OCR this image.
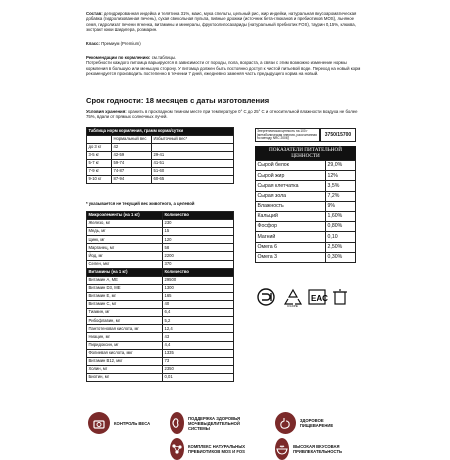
Состав: дегидрированная индейка и телятина 31%, маис, мука спельты, цельный рис, жир индейки, натуральная вкусоароматическая добавка (гидролизованная печень), сухая свекольная пульпа, пивные дрожжи (источник бета-глюканов и пребиотиков MOS), льняное семя, гидролизат печени ягненка, витамины и минералы, фруктоолигосахариды (натуральный пребиотик FOS), таурин 0,15%, клюква, экстракт юкки Шидигера, розмарин.
Класс: Премиум (Premium)
Рекомендации по кормлению: см.таблицы.
Потребности каждого питомца варьируются в зависимости от породы, пола, возраста, а связи с этим возможно изменение нормы кормления в большую или меньшую сторону. У питомца должен быть постоянно доступ к чистой питьевой воде. Переход на новый корм рекомендуется производить постепенно в течении 7 дней, ежедневно заменяя часть предыдущего корма на новый.
Срок годности: 18 месяцев с даты изготовления
Условия хранения: хранить в прохладном темном месте при температуре 0° С до 25° С и относительной влажности воздуха не более 75%, вдали от прямых солнечных лучей.
Таблица норм кормления, грамм корма/сутки		
	Нормальный вес	Избыточный вес*
до 3 кг	42	
3-5 кг	42-59	29-41
5-7 кг	59-74	41-51
7-9 кг	74-87	51-60
9-10 кг	87-94	60-65
* указывается не текущий вес животного, а целевой
Микроэлементы (на 1 кг)	Количество
Железо, мг	230
Медь, мг	15
Цинк, мг	120
Марганец, мг	58
Йод, мг	2200
Селен, мкг	370
Витамины (на 1 кг)	Количество
Витамин А, МЕ	29500
Витамин D3, МЕ	1300
Витамин Е, мг	165
Витамин С, мг	40
Тиамин, мг	6,4
Рибофлавин, мг	5,2
Пантотеновая кислота, мг	12,4
Ниацин, мг	43
Пиридоксин, мг	4,4
Фолиевая кислота, мкг	1335
Витамин B12, мкг	73
Холин, мг	2350
Биотин, мг	0,01
Энергетическая ценность на 100 г (метаболическая энергия, рассчитанная по методу NRC 2006)
3750/15700
ПОКАЗАТЕЛИ ПИТАТЕЛЬНОЙ ЦЕННОСТИ
Сырой белок	29,0%
Сырой жир	12%
Сырая клетчатка	3,5%
Сырая зола	7,2%
Влажность	9%
Кальций	1,60%
Фосфор	0,80%
Магний	0,10
Омега 6	2,50%
Омега 3	0,30%
C/LDPE
EAC
КОНТРОЛЬ ВЕСА
ПОДДЕРЖКА ЗДОРОВЬЯ МОЧЕВЫДЕЛИТЕЛЬНОЙ СИСТЕМЫ
КОМПЛЕКС НАТУРАЛЬНЫХ ПРЕБИОТИКОВ MOS И FOS
ЗДОРОВОЕ ПИЩЕВАРЕНИЕ
ВЫСОКАЯ ВКУСОВАЯ ПРИВЛЕКАТЕЛЬНОСТЬ
